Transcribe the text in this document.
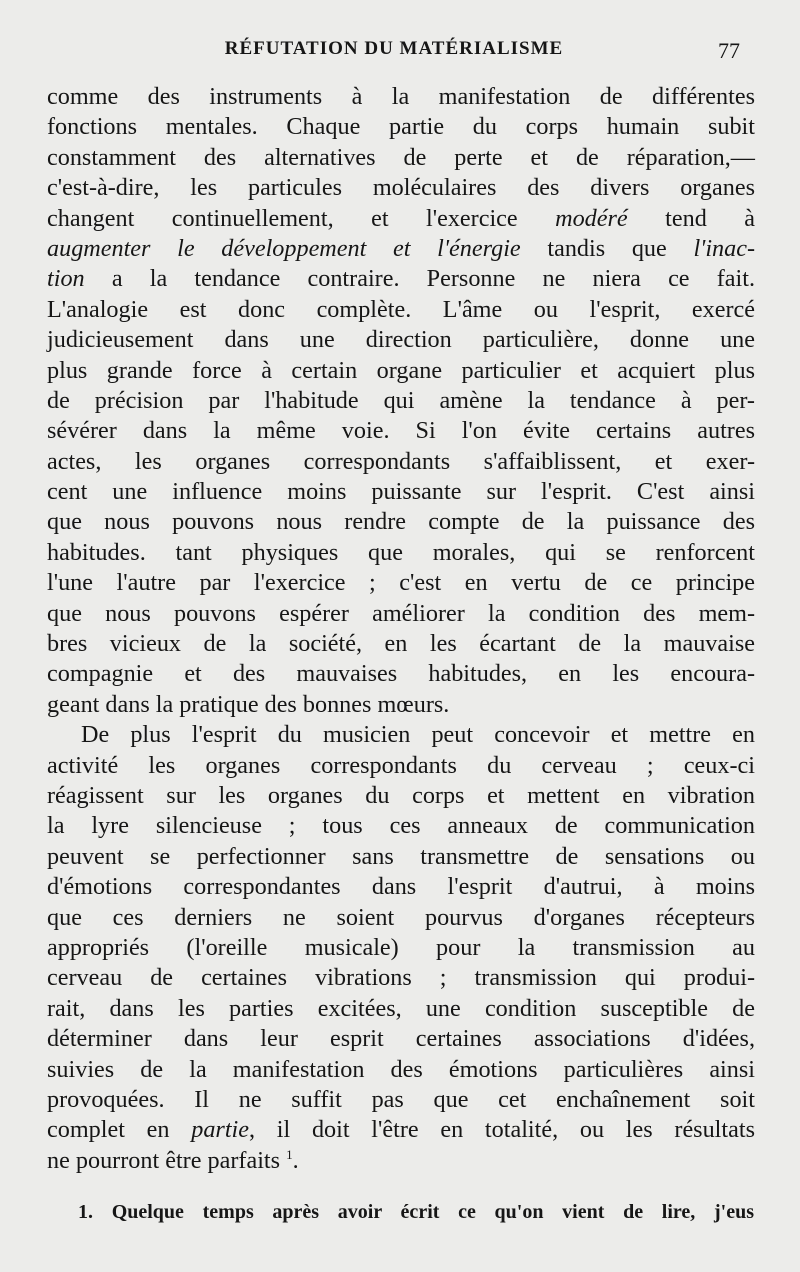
RÉFUTATION DU MATÉRIALISME	77
comme des instruments à la manifestation de différentes
fonctions mentales. Chaque partie du corps humain subit
constamment des alternatives de perte et de réparation,—
c'est-à-dire, les particules moléculaires des divers organes
changent continuellement, et l'exercice modéré tend à
augmenter le développement et l'énergie tandis que l'inac-
tion a la tendance contraire. Personne ne niera ce fait.
L'analogie est donc complète. L'âme ou l'esprit, exercé
judicieusement dans une direction particulière, donne une
plus grande force à certain organe particulier et acquiert plus
de précision par l'habitude qui amène la tendance à per-
sévérer dans la même voie. Si l'on évite certains autres
actes, les organes correspondants s'affaiblissent, et exer-
cent une influence moins puissante sur l'esprit. C'est ainsi
que nous pouvons nous rendre compte de la puissance des
habitudes. tant physiques que morales, qui se renforcent
l'une l'autre par l'exercice ; c'est en vertu de ce principe
que nous pouvons espérer améliorer la condition des mem-
bres vicieux de la société, en les écartant de la mauvaise
compagnie et des mauvaises habitudes, en les encoura-
geant dans la pratique des bonnes mœurs.
De plus l'esprit du musicien peut concevoir et mettre en
activité les organes correspondants du cerveau ; ceux-ci
réagissent sur les organes du corps et mettent en vibration
la lyre silencieuse ; tous ces anneaux de communication
peuvent se perfectionner sans transmettre de sensations ou
d'émotions correspondantes dans l'esprit d'autrui, à moins
que ces derniers ne soient pourvus d'organes récepteurs
appropriés (l'oreille musicale) pour la transmission au
cerveau de certaines vibrations ; transmission qui produi-
rait, dans les parties excitées, une condition susceptible de
déterminer dans leur esprit certaines associations d'idées,
suivies de la manifestation des émotions particulières ainsi
provoquées. Il ne suffit pas que cet enchaînement soit
complet en partie, il doit l'être en totalité, ou les résultats
ne pourront être parfaits $^1$.
1. Quelque temps après avoir écrit ce qu'on vient de lire, j'eus
